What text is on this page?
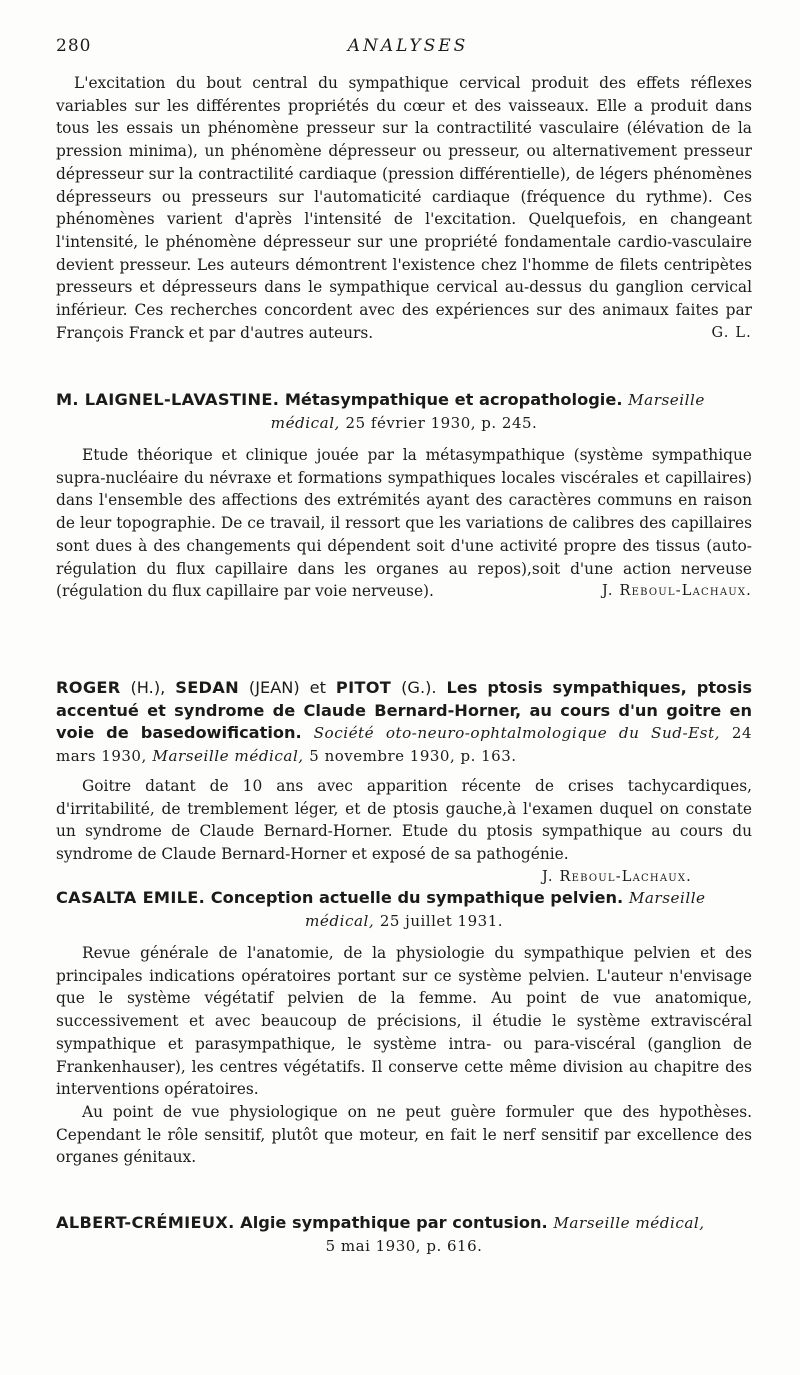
280	ANALYSES

L'excitation du bout central du sympathique cervical produit des effets réflexes variables sur les différentes propriétés du cœur et des vaisseaux. Elle a produit dans tous les essais un phénomène presseur sur la contractilité vasculaire (élévation de la pression minima), un phénomène dépresseur ou presseur, ou alternativement presseur dépresseur sur la contractilité cardiaque (pression différentielle), de légers phénomènes dépresseurs ou presseurs sur l'automaticité cardiaque (fréquence du rythme). Ces phénomènes varient d'après l'intensité de l'excitation. Quelquefois, en changeant l'intensité, le phénomène dépresseur sur une propriété fondamentale cardio-vasculaire devient presseur. Les auteurs démontrent l'existence chez l'homme de filets centripètes presseurs et dépresseurs dans le sympathique cervical au-dessus du ganglion cervical inférieur. Ces recherches concordent avec des expériences sur des animaux faites par François Franck et par d'autres auteurs.	G. L.

M. LAIGNEL-LAVASTINE. Métasympathique et acropathologie. Marseille

médical, 25 février 1930, p. 245.

Etude théorique et clinique jouée par la métasympathique (système sympathique supra-nucléaire du névraxe et formations sympathiques locales viscérales et capillaires) dans l'ensemble des affections des extrémités ayant des caractères communs en raison de leur topographie. De ce travail, il ressort que les variations de calibres des capillaires sont dues à des changements qui dépendent soit d'une activité propre des tissus (auto-régulation du flux capillaire dans les organes au repos),soit d'une action nerveuse (régulation du flux capillaire par voie nerveuse).	J. Reboul-Lachaux.

ROGER (H.), SEDAN (JEAN) et PITOT (G.). Les ptosis sympathiques, ptosis accentué et syndrome de Claude Bernard-Horner, au cours d'un goitre en voie de basedowification. Société oto-neuro-ophtalmologique du Sud-Est, 24 mars 1930, Marseille médical, 5 novembre 1930, p. 163.

Goitre datant de 10 ans avec apparition récente de crises tachycardiques, d'irritabilité, de tremblement léger, et de ptosis gauche,à l'examen duquel on constate un syndrome de Claude Bernard-Horner. Etude du ptosis sympathique au cours du syndrome de Claude Bernard-Horner et exposé de sa pathogénie.

J. Reboul-Lachaux.

CASALTA EMILE. Conception actuelle du sympathique pelvien. Marseille

médical, 25 juillet 1931.

Revue générale de l'anatomie, de la physiologie du sympathique pelvien et des principales indications opératoires portant sur ce système pelvien. L'auteur n'envisage que le système végétatif pelvien de la femme. Au point de vue anatomique, successivement et avec beaucoup de précisions, il étudie le système extraviscéral sympathique et parasympathique, le système intra- ou para-viscéral (ganglion de Frankenhauser), les centres végétatifs. Il conserve cette même division au chapitre des interventions opératoires.

Au point de vue physiologique on ne peut guère formuler que des hypothèses. Cependant le rôle sensitif, plutôt que moteur, en fait le nerf sensitif par excellence des organes génitaux.

ALBERT-CRÉMIEUX. Algie sympathique par contusion. Marseille médical,

5 mai 1930, p. 616.
